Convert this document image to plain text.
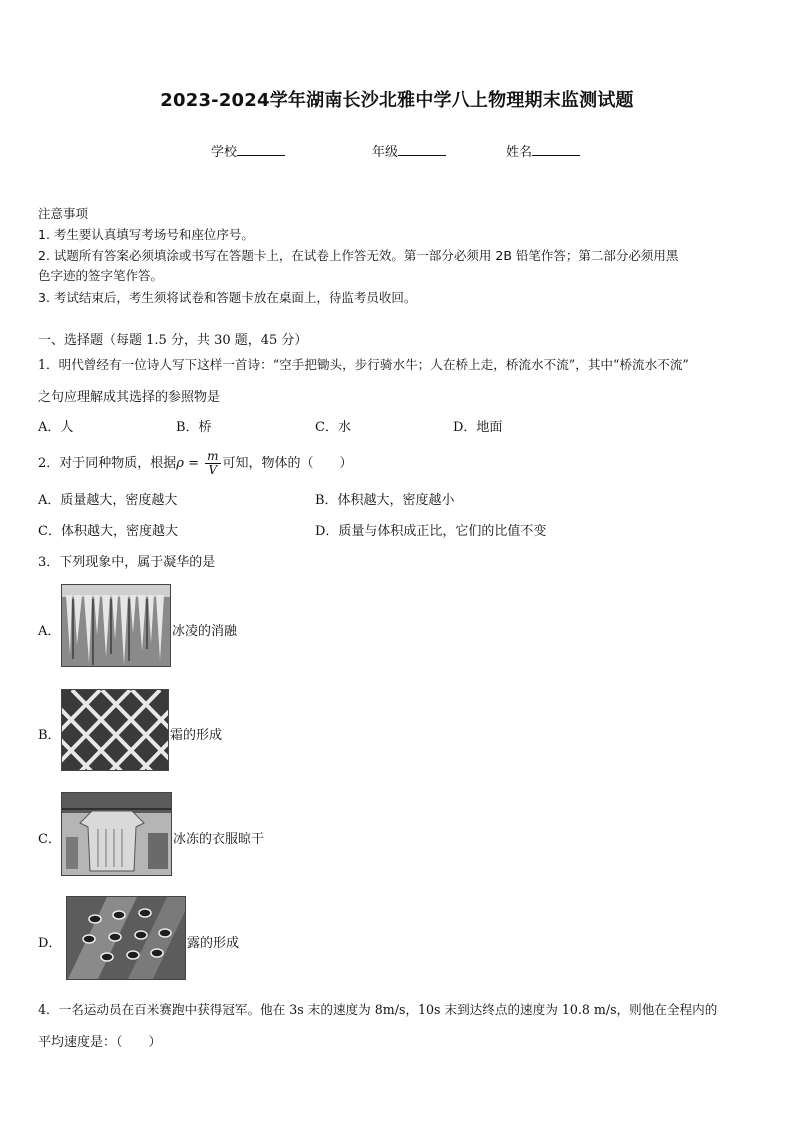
2023-2024学年湖南长沙北雅中学八上物理期末监测试题
学校	年级	姓名
注意事项
1. 考生要认真填写考场号和座位序号。
2. 试题所有答案必须填涂或书写在答题卡上，在试卷上作答无效。第一部分必须用 2B 铅笔作答；第二部分必须用黑
色字迹的签字笔作答。
3. 考试结束后，考生须将试卷和答题卡放在桌面上，待监考员收回。
一、选择题（每题 1.5 分，共 30 题，45 分）
1．明代曾经有一位诗人写下这样一首诗：“空手把锄头，步行骑水牛；人在桥上走，桥流水不流”，其中“桥流水不流”
之句应理解成其选择的参照物是
A．人	B．桥	C．水	D．地面
2．对于同种物质，根据$\rho = \frac{m}{V}$ 可知，物体的（　　）
A．质量越大，密度越大	B．体积越大，密度越小
C．体积越大，密度越大	D．质量与体积成正比，它们的比值不变
3．下列现象中，属于凝华的是
A．	冰凌的消融
B．	霜的形成
C．	冰冻的衣服晾干
D．	露的形成
4．一名运动员在百米赛跑中获得冠军。他在 3s 末的速度为 8m/s，10s 末到达终点的速度为 10.8 m/s，则他在全程内的
平均速度是：（　　）
